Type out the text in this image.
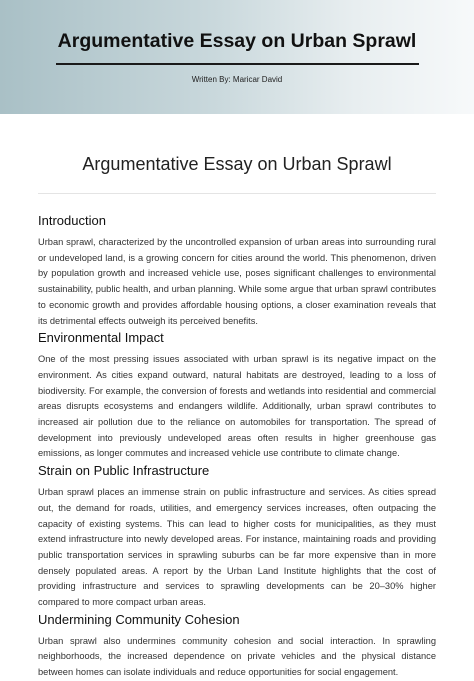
Argumentative Essay on Urban Sprawl
Written By: Maricar David
Argumentative Essay on Urban Sprawl
Introduction

Urban sprawl, characterized by the uncontrolled expansion of urban areas into surrounding rural or undeveloped land, is a growing concern for cities around the world. This phenomenon, driven by population growth and increased vehicle use, poses significant challenges to environmental sustainability, public health, and urban planning. While some argue that urban sprawl contributes to economic growth and provides affordable housing options, a closer examination reveals that its detrimental effects outweigh its perceived benefits.

Environmental Impact

One of the most pressing issues associated with urban sprawl is its negative impact on the environment. As cities expand outward, natural habitats are destroyed, leading to a loss of biodiversity. For example, the conversion of forests and wetlands into residential and commercial areas disrupts ecosystems and endangers wildlife. Additionally, urban sprawl contributes to increased air pollution due to the reliance on automobiles for transportation. The spread of development into previously undeveloped areas often results in higher greenhouse gas emissions, as longer commutes and increased vehicle use contribute to climate change.

Strain on Public Infrastructure

Urban sprawl places an immense strain on public infrastructure and services. As cities spread out, the demand for roads, utilities, and emergency services increases, often outpacing the capacity of existing systems. This can lead to higher costs for municipalities, as they must extend infrastructure into newly developed areas. For instance, maintaining roads and providing public transportation services in sprawling suburbs can be far more expensive than in more densely populated areas. A report by the Urban Land Institute highlights that the cost of providing infrastructure and services to sprawling developments can be 20–30% higher compared to more compact urban areas.

Undermining Community Cohesion

Urban sprawl also undermines community cohesion and social interaction. In sprawling neighborhoods, the increased dependence on private vehicles and the physical distance between homes can isolate individuals and reduce opportunities for social engagement.
